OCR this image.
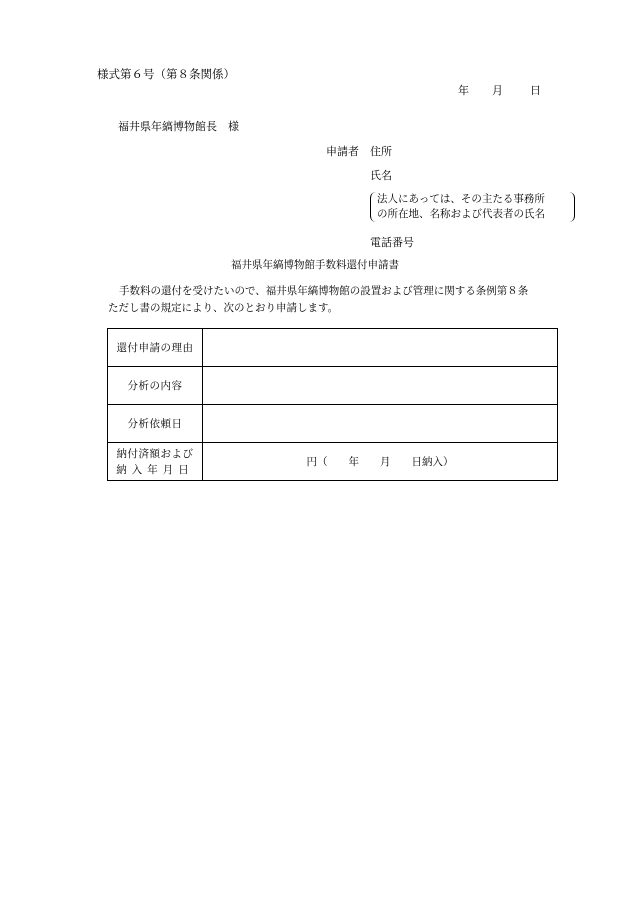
様式第６号（第８条関係）
年 月 日
福井県年縞博物館長　様
申請者 住所
氏名
法人にあっては、その主たる事務所
の所在地、名称および代表者の氏名
電話番号
福井県年縞博物館手数料還付申請書

手数料の還付を受けたいので、福井県年縞博物館の設置および管理に関する条例第８条

ただし書の規定により、次のとおり申請します。

還付申請の理由	
分析の内容	
分析依頼日	

納付済額および
納入年月日	円（　　年　　月　　日納入）
